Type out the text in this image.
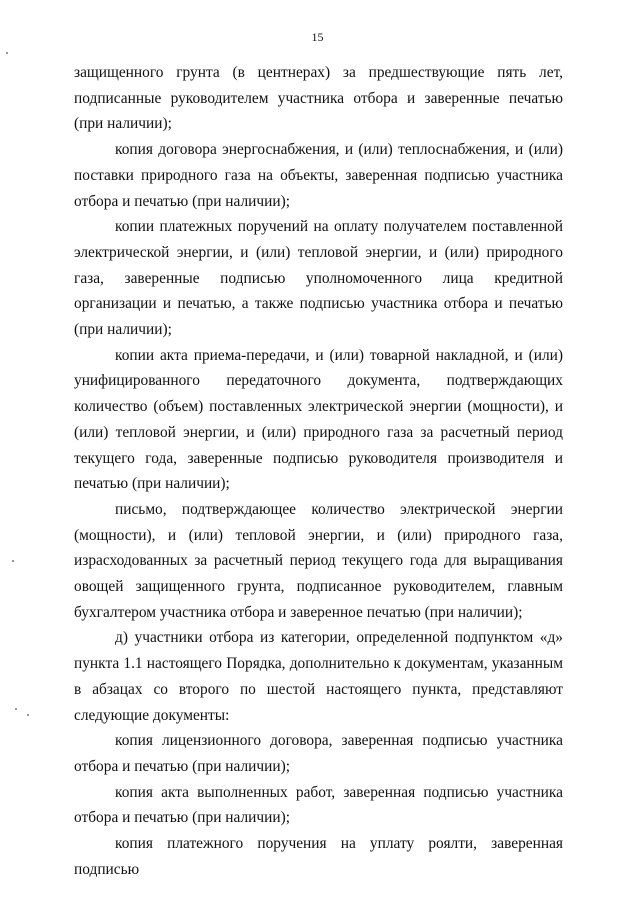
15

защищенного грунта (в центнерах) за предшествующие пять лет, подписанные руководителем участника отбора и заверенные печатью (при наличии);

копия договора энергоснабжения, и (или) теплоснабжения, и (или) поставки природного газа на объекты, заверенная подписью участника отбора и печатью (при наличии);

копии платежных поручений на оплату получателем поставленной электрической энергии, и (или) тепловой энергии, и (или) природного газа, заверенные подписью уполномоченного лица кредитной организации и печатью, а также подписью участника отбора и печатью (при наличии);

копии акта приема-передачи, и (или) товарной накладной, и (или) унифицированного передаточного документа, подтверждающих количество (объем) поставленных электрической энергии (мощности), и (или) тепловой энергии, и (или) природного газа за расчетный период текущего года, заверенные подписью руководителя производителя и печатью (при наличии);

письмо, подтверждающее количество электрической энергии (мощности), и (или) тепловой энергии, и (или) природного газа, израсходованных за расчетный период текущего года для выращивания овощей защищенного грунта, подписанное руководителем, главным бухгалтером участника отбора и заверенное печатью (при наличии);

д) участники отбора из категории, определенной подпунктом «д» пункта 1.1 настоящего Порядка, дополнительно к документам, указанным в абзацах со второго по шестой настоящего пункта, представляют следующие документы:

копия лицензионного договора, заверенная подписью участника отбора и печатью (при наличии);

копия акта выполненных работ, заверенная подписью участника отбора и печатью (при наличии);

копия платежного поручения на уплату роялти, заверенная подписью
